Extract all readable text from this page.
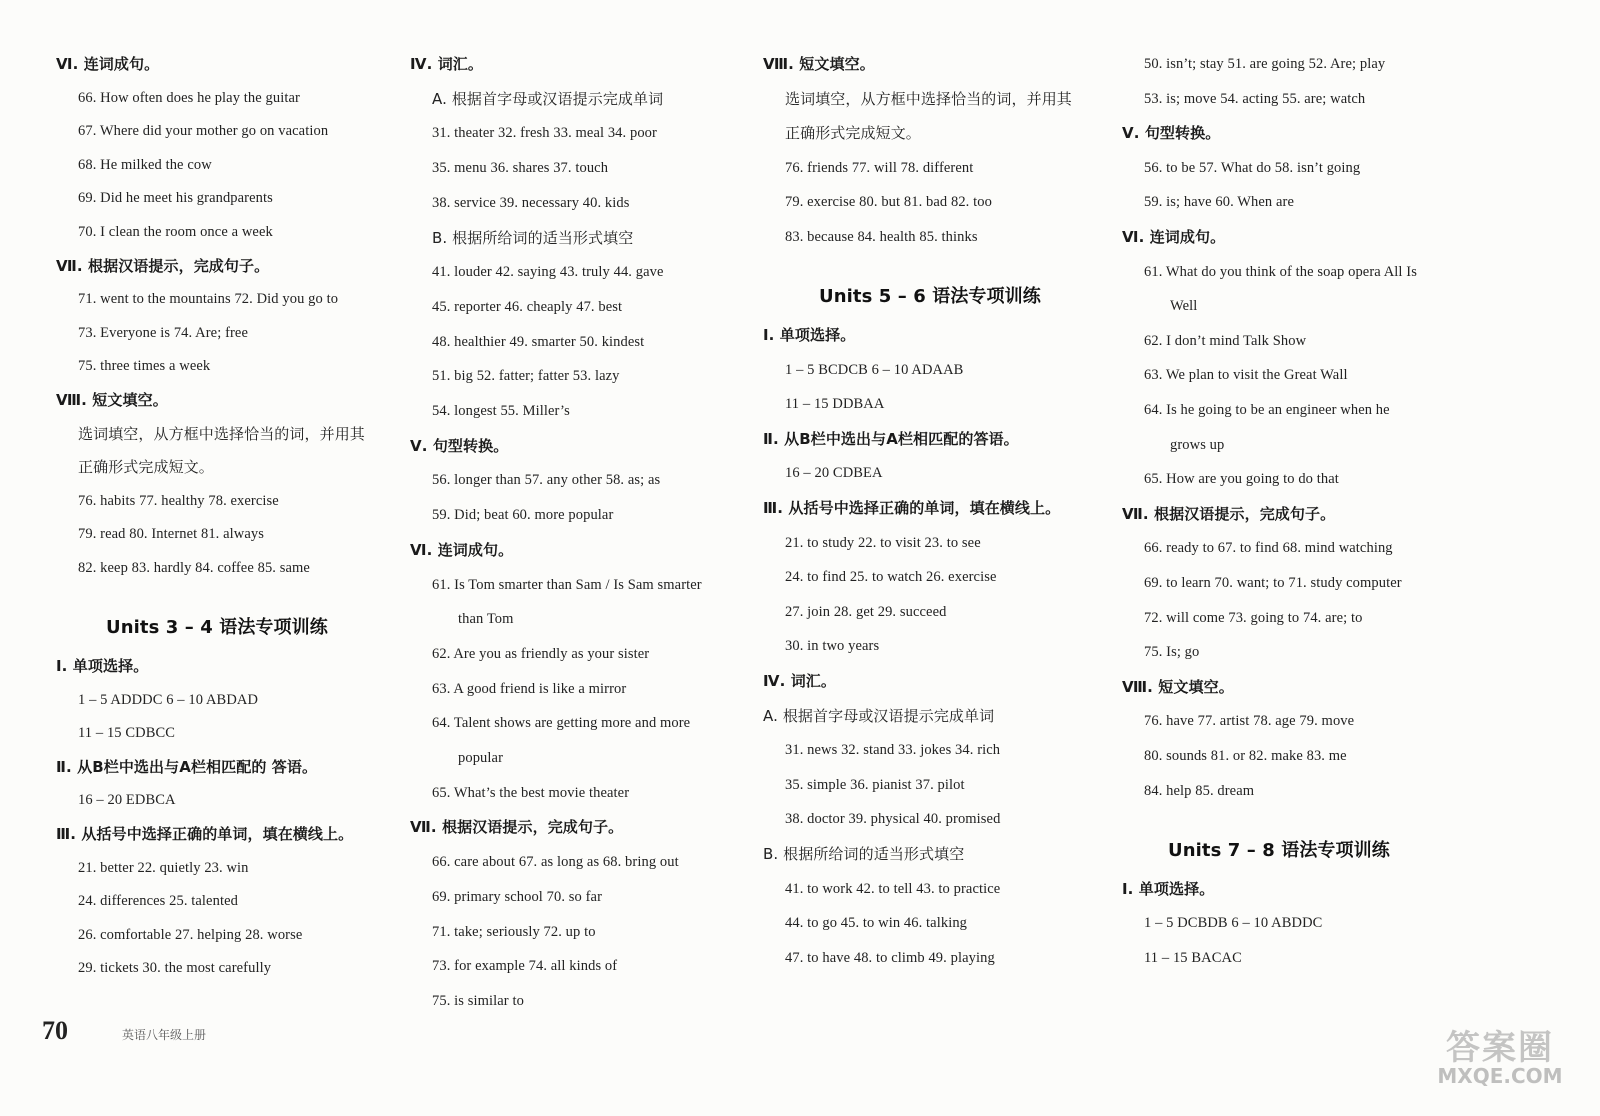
Ⅵ. 连词成句。
66. How often does he play the guitar
67. Where did your mother go on vacation
68. He milked the cow
69. Did he meet his grandparents
70. I clean the room once a week
Ⅶ. 根据汉语提示，完成句子。
71. went to the mountains 72. Did you go to
73. Everyone is 74. Are; free
75. three times a week
Ⅷ. 短文填空。
选词填空，从方框中选择恰当的词，并用其
正确形式完成短文。
76. habits 77. healthy 78. exercise
79. read 80. Internet 81. always
82. keep 83. hardly 84. coffee 85. same
Units 3 – 4 语法专项训练
Ⅰ. 单项选择。
1 – 5 ADDDC 6 – 10 ABDAD
11 – 15 CDBCC
Ⅱ. 从B栏中选出与A栏相匹配的 答语。
16 – 20 EDBCA
Ⅲ. 从括号中选择正确的单词，填在横线上。
21. better 22. quietly 23. win
24. differences 25. talented
26. comfortable 27. helping 28. worse
29. tickets 30. the most carefully
Ⅳ. 词汇。
A. 根据首字母或汉语提示完成单词
31. theater 32. fresh 33. meal 34. poor
35. menu 36. shares 37. touch
38. service 39. necessary 40. kids
B. 根据所给词的适当形式填空
41. louder 42. saying 43. truly 44. gave
45. reporter 46. cheaply 47. best
48. healthier 49. smarter 50. kindest
51. big 52. fatter; fatter 53. lazy
54. longest 55. Miller’s
Ⅴ. 句型转换。
56. longer than 57. any other 58. as; as
59. Did; beat 60. more popular
Ⅵ. 连词成句。
61. Is Tom smarter than Sam / Is Sam smarter
than Tom
62. Are you as friendly as your sister
63. A good friend is like a mirror
64. Talent shows are getting more and more
popular
65. What’s the best movie theater
Ⅶ. 根据汉语提示，完成句子。
66. care about 67. as long as 68. bring out
69. primary school 70. so far
71. take; seriously 72. up to
73. for example 74. all kinds of
75. is similar to
Ⅷ. 短文填空。
选词填空，从方框中选择恰当的词，并用其
正确形式完成短文。
76. friends 77. will 78. different
79. exercise 80. but 81. bad 82. too
83. because 84. health 85. thinks
Units 5 – 6 语法专项训练
Ⅰ. 单项选择。
1 – 5 BCDCB 6 – 10 ADAAB
11 – 15 DDBAA
Ⅱ. 从B栏中选出与A栏相匹配的答语。
16 – 20 CDBEA
Ⅲ. 从括号中选择正确的单词，填在横线上。
21. to study 22. to visit 23. to see
24. to find 25. to watch 26. exercise
27. join 28. get 29. succeed
30. in two years
Ⅳ. 词汇。
A. 根据首字母或汉语提示完成单词
31. news 32. stand 33. jokes 34. rich
35. simple 36. pianist 37. pilot
38. doctor 39. physical 40. promised
B. 根据所给词的适当形式填空
41. to work 42. to tell 43. to practice
44. to go 45. to win 46. talking
47. to have 48. to climb 49. playing
50. isn’t; stay 51. are going 52. Are; play
53. is; move 54. acting 55. are; watch
Ⅴ. 句型转换。
56. to be 57. What do 58. isn’t going
59. is; have 60. When are
Ⅵ. 连词成句。
61. What do you think of the soap opera All Is
Well
62. I don’t mind Talk Show
63. We plan to visit the Great Wall
64. Is he going to be an engineer when he
grows up
65. How are you going to do that
Ⅶ. 根据汉语提示，完成句子。
66. ready to 67. to find 68. mind watching
69. to learn 70. want; to 71. study computer
72. will come 73. going to 74. are; to
75. Is; go
Ⅷ. 短文填空。
76. have 77. artist 78. age 79. move
80. sounds 81. or 82. make 83. me
84. help 85. dream
Units 7 – 8 语法专项训练
Ⅰ. 单项选择。
1 – 5 DCBDB 6 – 10 ABDDC
11 – 15 BACAC
70	英语八年级上册	答案圈
MXQE.COM
